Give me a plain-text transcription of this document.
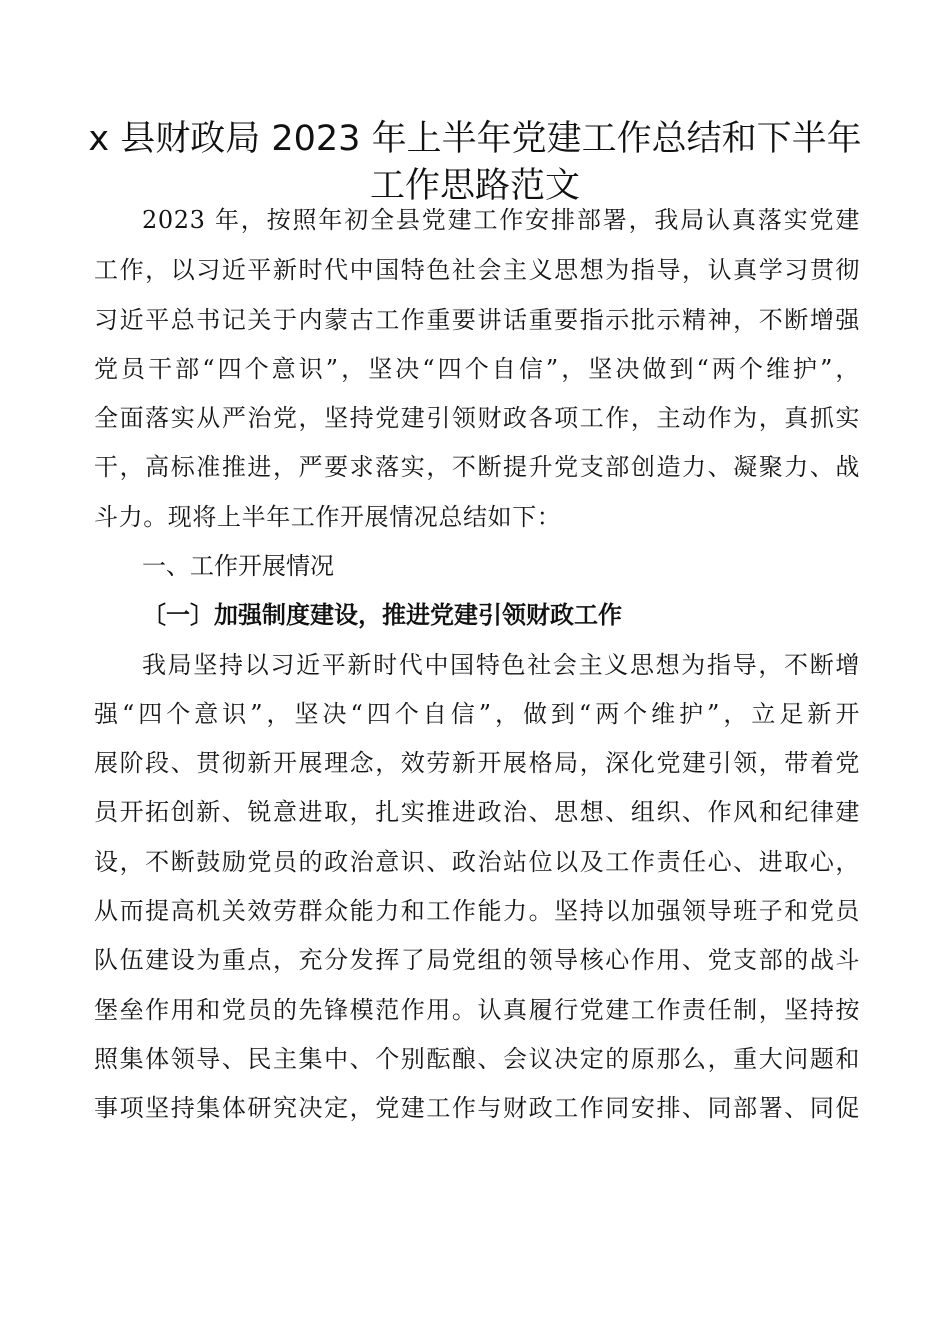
x 县财政局 2023 年上半年党建工作总结和下半年
工作思路范文
2023 年，按照年初全县党建工作安排部署，我局认真落实党建
工作，以习近平新时代中国特色社会主义思想为指导，认真学习贯彻
习近平总书记关于内蒙古工作重要讲话重要指示批示精神，不断增强
党员干部“四个意识”，坚决“四个自信”，坚决做到“两个维护”，
全面落实从严治党，坚持党建引领财政各项工作，主动作为，真抓实
干，高标准推进，严要求落实，不断提升党支部创造力、凝聚力、战
斗力。现将上半年工作开展情况总结如下：
一、工作开展情况
〔一〕加强制度建设，推进党建引领财政工作
我局坚持以习近平新时代中国特色社会主义思想为指导，不断增
强“四个意识”，坚决“四个自信”，做到“两个维护”，立足新开
展阶段、贯彻新开展理念，效劳新开展格局，深化党建引领，带着党
员开拓创新、锐意进取，扎实推进政治、思想、组织、作风和纪律建
设，不断鼓励党员的政治意识、政治站位以及工作责任心、进取心，
从而提高机关效劳群众能力和工作能力。坚持以加强领导班子和党员
队伍建设为重点，充分发挥了局党组的领导核心作用、党支部的战斗
堡垒作用和党员的先锋模范作用。认真履行党建工作责任制，坚持按
照集体领导、民主集中、个别酝酿、会议决定的原那么，重大问题和
事项坚持集体研究决定，党建工作与财政工作同安排、同部署、同促
